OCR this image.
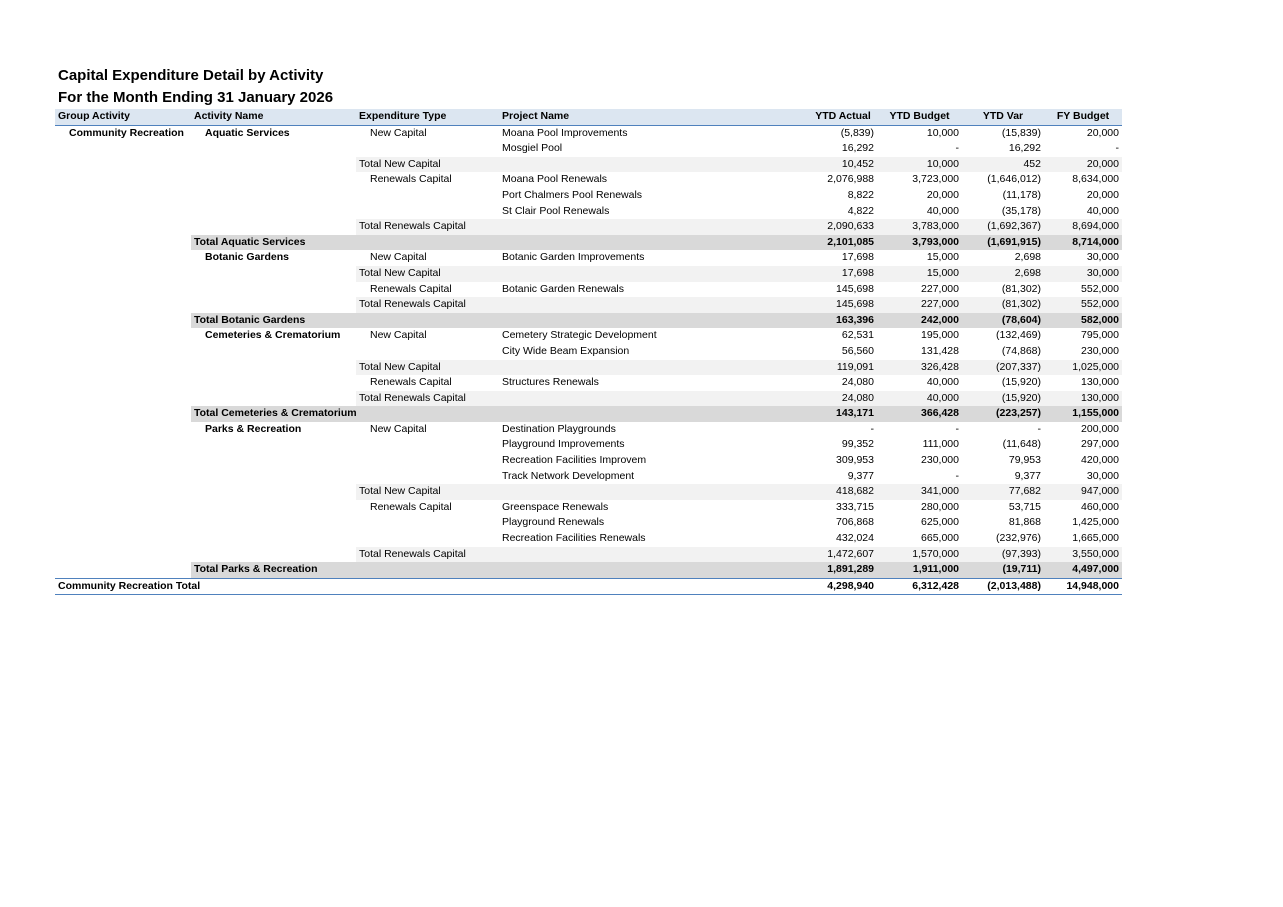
Capital Expenditure Detail by Activity
For the Month Ending 31 January 2026
Group Activity	Activity Name	Expenditure Type	Project Name	YTD Actual	YTD Budget	YTD Var	FY Budget
Community Recreation	Aquatic Services	New Capital	Moana Pool Improvements	(5,839)	10,000	(15,839)	20,000
			Mosgiel Pool	16,292	-	16,292	-
		Total New Capital		10,452	10,000	452	20,000
		Renewals Capital	Moana Pool Renewals	2,076,988	3,723,000	(1,646,012)	8,634,000
			Port Chalmers Pool Renewals	8,822	20,000	(11,178)	20,000
			St Clair Pool Renewals	4,822	40,000	(35,178)	40,000
		Total Renewals Capital		2,090,633	3,783,000	(1,692,367)	8,694,000
	Total Aquatic Services			2,101,085	3,793,000	(1,691,915)	8,714,000
	Botanic Gardens	New Capital	Botanic Garden Improvements	17,698	15,000	2,698	30,000
		Total New Capital		17,698	15,000	2,698	30,000
		Renewals Capital	Botanic Garden Renewals	145,698	227,000	(81,302)	552,000
		Total Renewals Capital		145,698	227,000	(81,302)	552,000
	Total Botanic Gardens			163,396	242,000	(78,604)	582,000
	Cemeteries & Crematorium	New Capital	Cemetery Strategic Development	62,531	195,000	(132,469)	795,000
			City Wide Beam Expansion	56,560	131,428	(74,868)	230,000
		Total New Capital		119,091	326,428	(207,337)	1,025,000
		Renewals Capital	Structures Renewals	24,080	40,000	(15,920)	130,000
		Total Renewals Capital		24,080	40,000	(15,920)	130,000
	Total Cemeteries & Crematorium			143,171	366,428	(223,257)	1,155,000
	Parks & Recreation	New Capital	Destination Playgrounds	-	-	-	200,000
			Playground Improvements	99,352	111,000	(11,648)	297,000
			Recreation Facilities Improvem	309,953	230,000	79,953	420,000
			Track Network Development	9,377	-	9,377	30,000
		Total New Capital		418,682	341,000	77,682	947,000
		Renewals Capital	Greenspace Renewals	333,715	280,000	53,715	460,000
			Playground Renewals	706,868	625,000	81,868	1,425,000
			Recreation Facilities Renewals	432,024	665,000	(232,976)	1,665,000
		Total Renewals Capital		1,472,607	1,570,000	(97,393)	3,550,000
	Total Parks & Recreation			1,891,289	1,911,000	(19,711)	4,497,000
Community Recreation Total				4,298,940	6,312,428	(2,013,488)	14,948,000
